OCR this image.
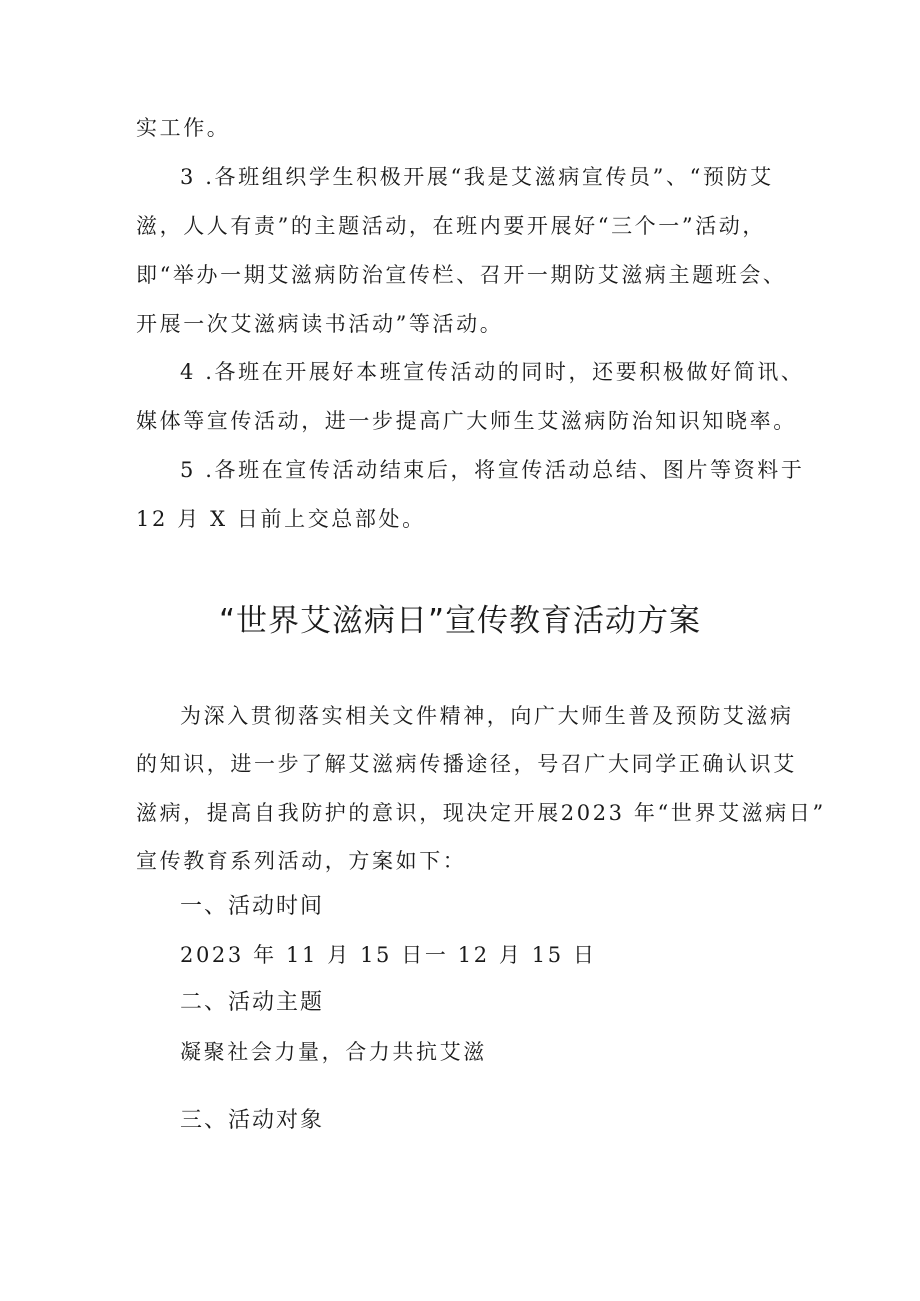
实工作。
3 .各班组织学生积极开展“我是艾滋病宣传员”、“预防艾
滋，人人有责”的主题活动，在班内要开展好“三个一”活动，
即“举办一期艾滋病防治宣传栏、召开一期防艾滋病主题班会、
开展一次艾滋病读书活动”等活动。
4 .各班在开展好本班宣传活动的同时，还要积极做好简讯、
媒体等宣传活动，进一步提高广大师生艾滋病防治知识知晓率。
5 .各班在宣传活动结束后，将宣传活动总结、图片等资料于
12 月 X 日前上交总部处。
“世界艾滋病日”宣传教育活动方案
为深入贯彻落实相关文件精神，向广大师生普及预防艾滋病
的知识，进一步了解艾滋病传播途径，号召广大同学正确认识艾
滋病，提高自我防护的意识，现决定开展2023 年“世界艾滋病日”
宣传教育系列活动，方案如下：
一、活动时间
2023 年 11 月 15 日一 12 月 15 日
二、活动主题
凝聚社会力量，合力共抗艾滋
三、活动对象
